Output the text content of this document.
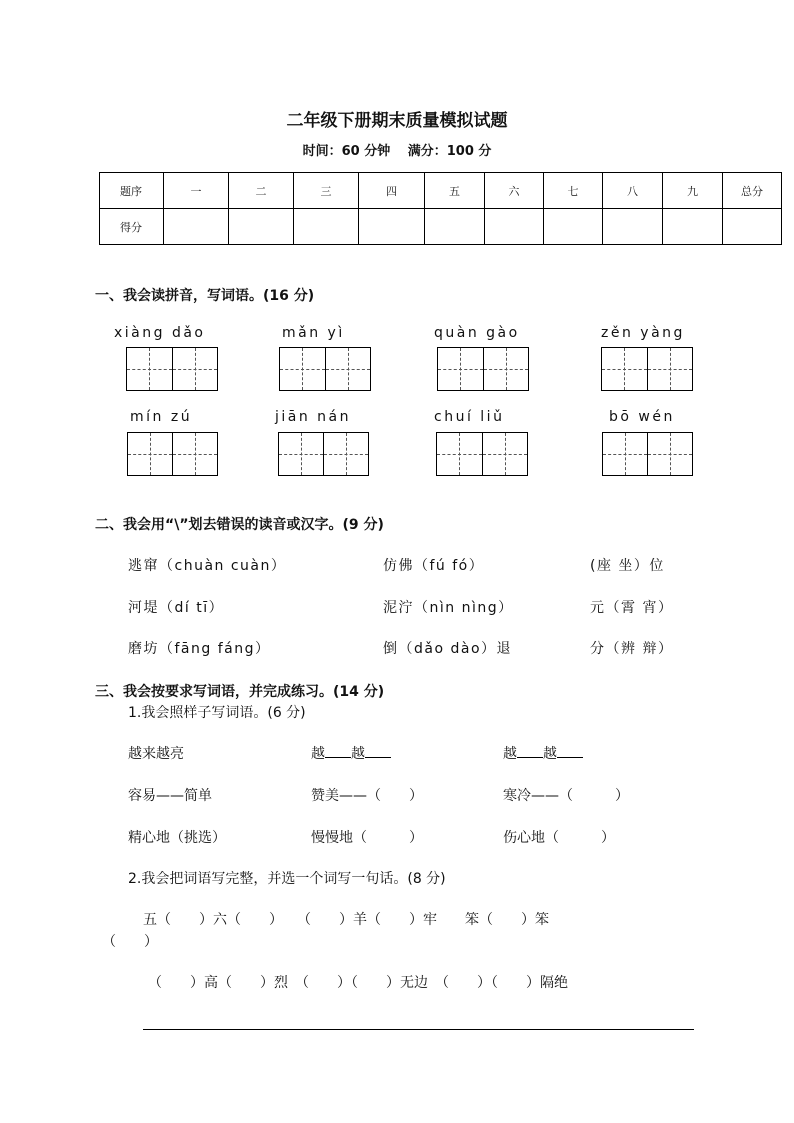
二年级下册期末质量模拟试题
时间：60 分钟　 满分：100 分
题序	一	二	三	四	五	六	七	八	九	总分
得分										
一、我会读拼音，写词语。(16 分)
xiàng dǎo	mǎn yì	quàn gào	zěn yàng
mín zú	jiān nán	chuí liǔ	bō wén
二、我会用“\”划去错误的读音或汉字。(9 分)
逃窜（chuàn cuàn）	仿佛（fú fó）	(座 坐）位
河堤（dí tī）	泥泞（nìn nìng）	元（霄 宵）
磨坊（fāng fáng）	倒（dǎo dào）退	分（辨 辩）
三、我会按要求写词语，并完成练习。(14 分)
1.我会照样子写词语。(6 分)
越来越亮	越 越	越 越
容易——简单	赞美——（　　）	寒冷——（　　　）
精心地（挑选）	慢慢地（　　　）	伤心地（　　　）
2.我会把词语写完整，并选一个词写一句话。(8 分)
五（　　）六（　　）　　（　　）羊（　　）牢　　笨（　　）笨
（　　）
（　　）高（　　）烈　（　　）（　　）无边　（　　）（　　）隔绝
